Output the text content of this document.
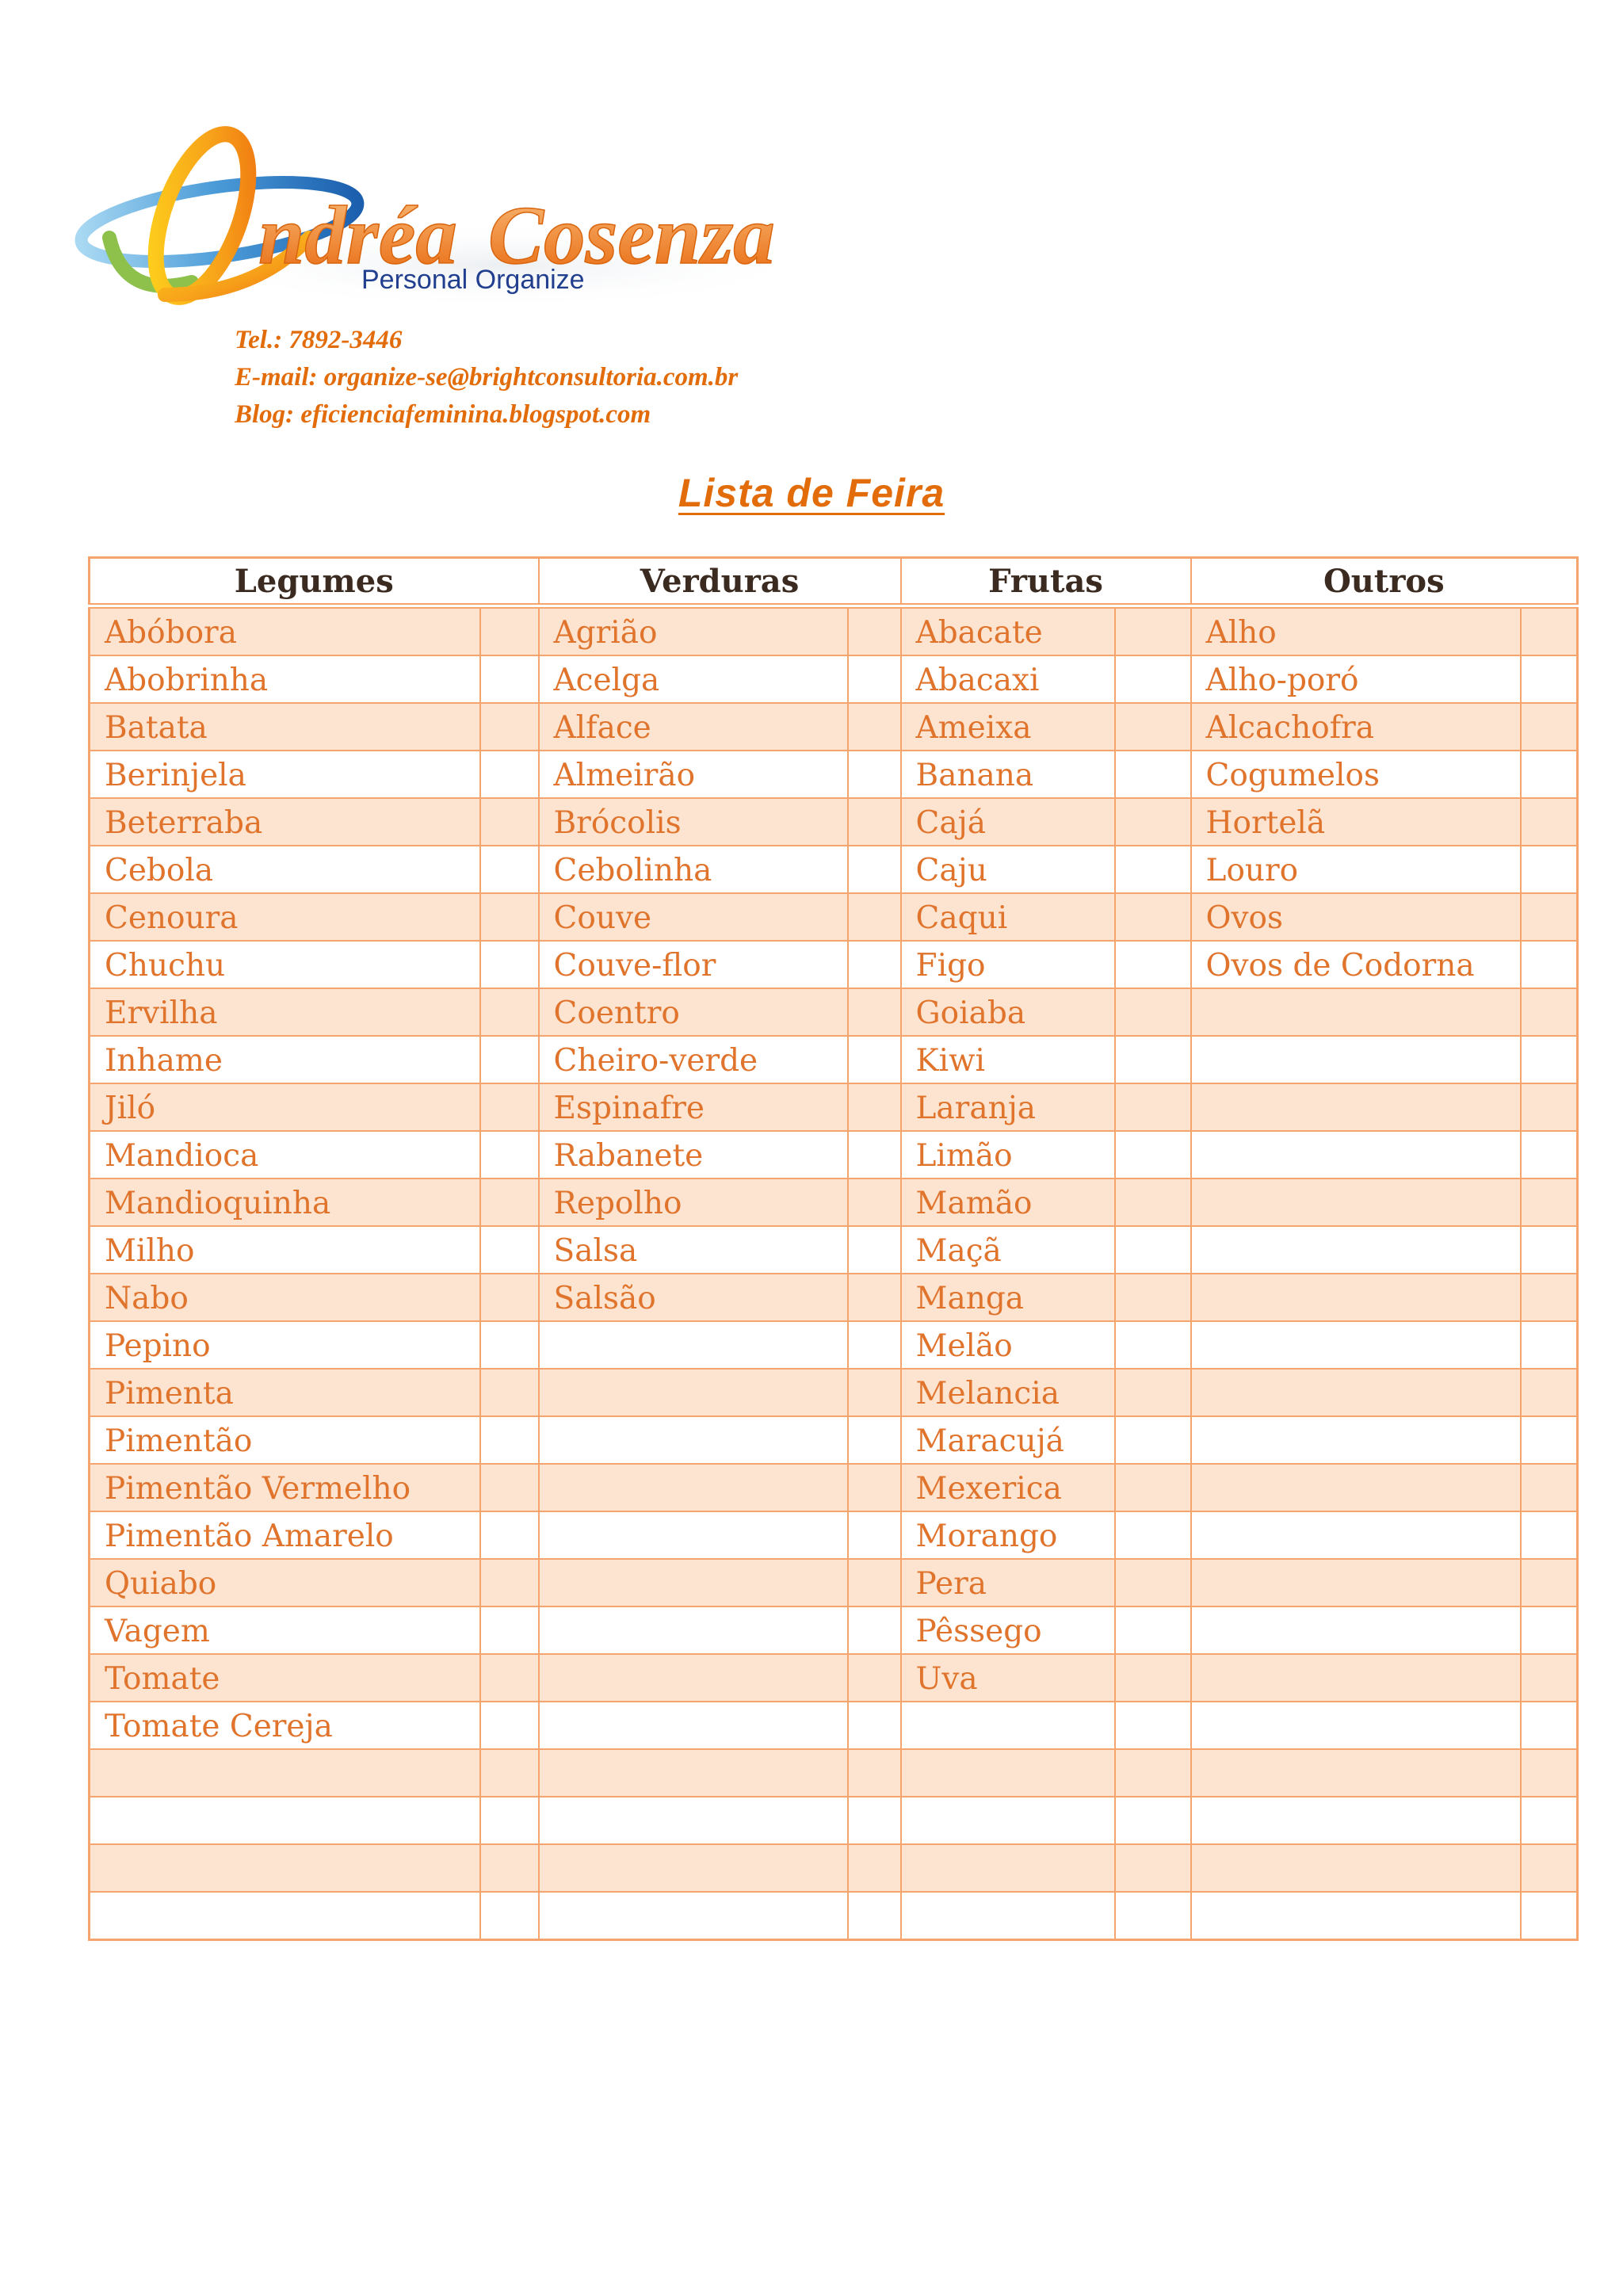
ndréa Cosenza
Personal Organize
Tel.: 7892-3446
E-mail: organize-se@brightconsultoria.com.br
Blog: eficienciafeminina.blogspot.com
Lista de Feira
Legumes		Verduras		Frutas		Outros	
Abóbora		Agrião		Abacate		Alho	
Abobrinha		Acelga		Abacaxi		Alho-poró	
Batata		Alface		Ameixa		Alcachofra	
Berinjela		Almeirão		Banana		Cogumelos	
Beterraba		Brócolis		Cajá		Hortelã	
Cebola		Cebolinha		Caju		Louro	
Cenoura		Couve		Caqui		Ovos	
Chuchu		Couve-flor		Figo		Ovos de Codorna	
Ervilha		Coentro		Goiaba			
Inhame		Cheiro-verde		Kiwi			
Jiló		Espinafre		Laranja			
Mandioca		Rabanete		Limão			
Mandioquinha		Repolho		Mamão			
Milho		Salsa		Maçã			
Nabo		Salsão		Manga			
Pepino				Melão			
Pimenta				Melancia			
Pimentão				Maracujá			
Pimentão Vermelho				Mexerica			
Pimentão Amarelo				Morango			
Quiabo				Pera			
Vagem				Pêssego			
Tomate				Uva			
Tomate Cereja							
